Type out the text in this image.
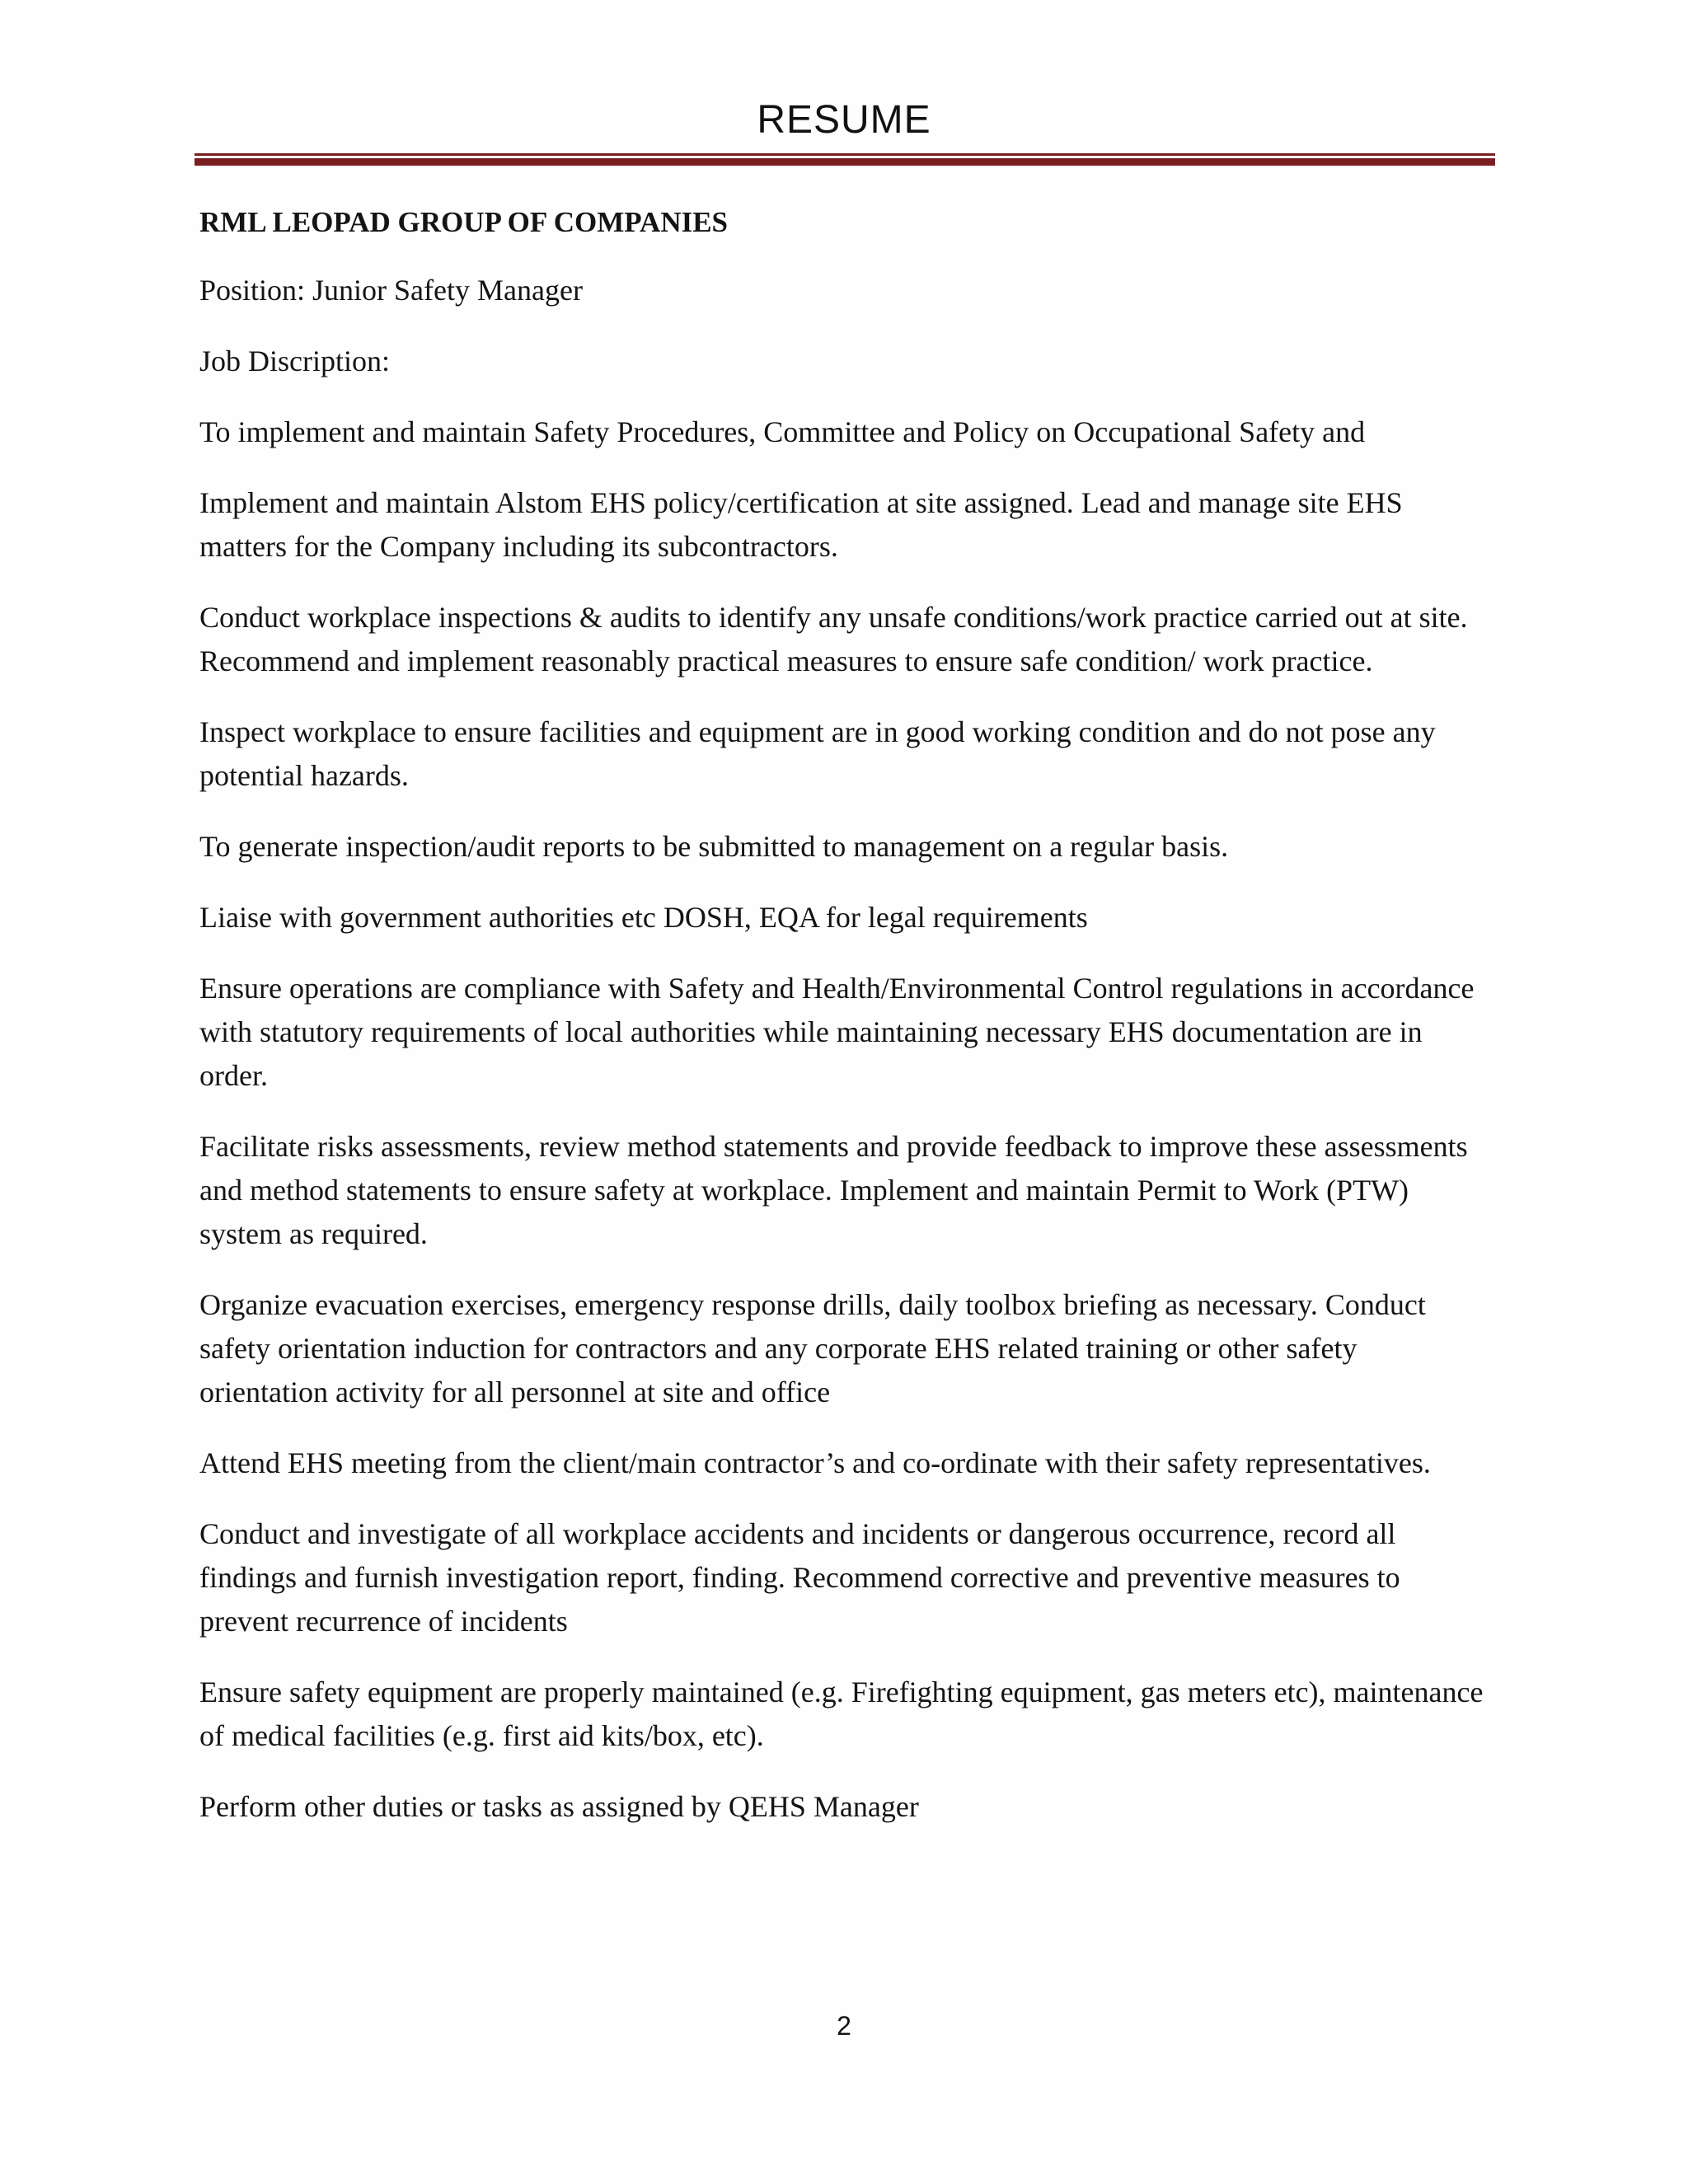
RESUME

RML LEOPAD GROUP OF COMPANIES

Position: Junior Safety Manager

Job Discription:

To implement and maintain Safety Procedures, Committee and Policy on Occupational Safety and

Implement and maintain Alstom EHS policy/certification at site assigned. Lead and manage site EHS matters for the Company including its subcontractors.

Conduct workplace inspections & audits to identify any unsafe conditions/work practice carried out at site. Recommend and implement reasonably practical measures to ensure safe condition/ work practice.

Inspect workplace to ensure facilities and equipment are in good working condition and do not pose any potential hazards.

To generate inspection/audit reports to be submitted to management on a regular basis.

Liaise with government authorities etc DOSH, EQA for legal requirements

Ensure operations are compliance with Safety and Health/Environmental Control regulations in accordance with statutory requirements of local authorities while maintaining necessary EHS documentation are in order.

Facilitate risks assessments, review method statements and provide feedback to improve these assessments and method statements to ensure safety at workplace. Implement and maintain Permit to Work (PTW) system as required.

Organize evacuation exercises, emergency response drills, daily toolbox briefing as necessary. Conduct safety orientation induction for contractors and any corporate EHS related training or other safety orientation activity for all personnel at site and office

Attend EHS meeting from the client/main contractor’s and co-ordinate with their safety representatives.

Conduct and investigate of all workplace accidents and incidents or dangerous occurrence, record all findings and furnish investigation report, finding. Recommend corrective and preventive measures to prevent recurrence of incidents

Ensure safety equipment are properly maintained (e.g. Firefighting equipment, gas meters etc), maintenance of medical facilities (e.g. first aid kits/box, etc).

Perform other duties or tasks as assigned by QEHS Manager

2
